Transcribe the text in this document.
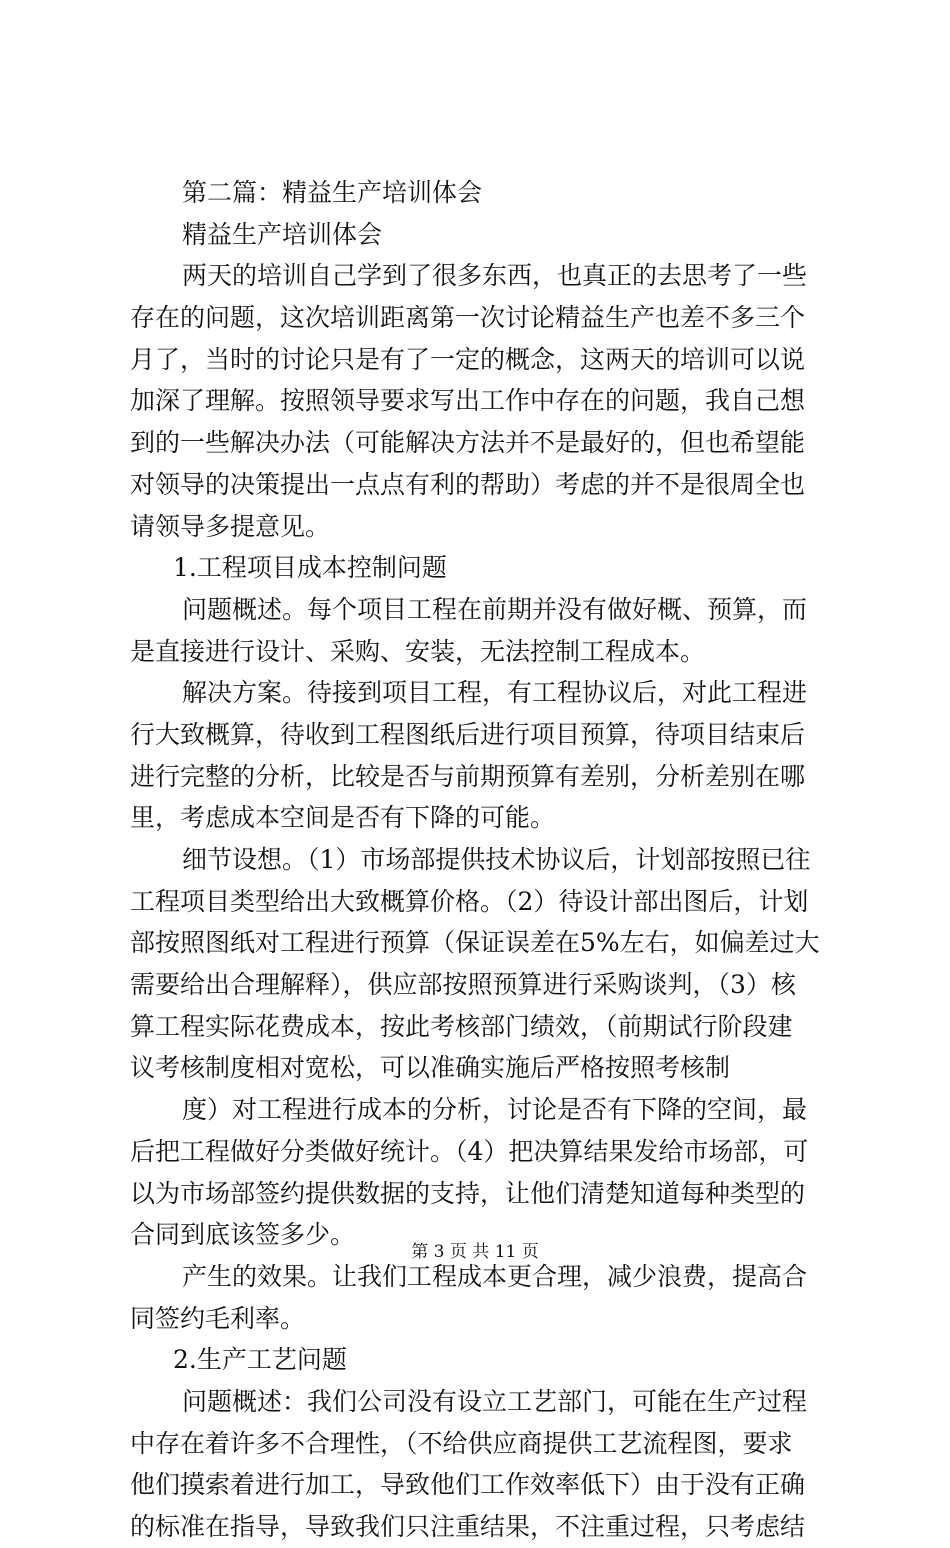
第二篇：精益生产培训体会
精益生产培训体会
两天的培训自己学到了很多东西，也真正的去思考了一些
存在的问题，这次培训距离第一次讨论精益生产也差不多三个
月了，当时的讨论只是有了一定的概念，这两天的培训可以说
加深了理解。按照领导要求写出工作中存在的问题，我自己想
到的一些解决办法（可能解决方法并不是最好的，但也希望能
对领导的决策提出一点点有利的帮助）考虑的并不是很周全也
请领导多提意见。
1.工程项目成本控制问题
问题概述。每个项目工程在前期并没有做好概、预算，而
是直接进行设计、采购、安装，无法控制工程成本。
解决方案。待接到项目工程，有工程协议后，对此工程进
行大致概算，待收到工程图纸后进行项目预算，待项目结束后
进行完整的分析，比较是否与前期预算有差别，分析差别在哪
里，考虑成本空间是否有下降的可能。
细节设想。（1）市场部提供技术协议后，计划部按照已往
工程项目类型给出大致概算价格。（2）待设计部出图后，计划
部按照图纸对工程进行预算（保证误差在5%左右，如偏差过大
需要给出合理解释），供应部按照预算进行采购谈判，（3）核
算工程实际花费成本，按此考核部门绩效，（前期试行阶段建
议考核制度相对宽松，可以准确实施后严格按照考核制
度）对工程进行成本的分析，讨论是否有下降的空间，最
后把工程做好分类做好统计。（4）把决算结果发给市场部，可
以为市场部签约提供数据的支持，让他们清楚知道每种类型的
合同到底该签多少。
产生的效果。让我们工程成本更合理，减少浪费，提高合
同签约毛利率。
2.生产工艺问题
问题概述：我们公司没有设立工艺部门，可能在生产过程
中存在着许多不合理性，（不给供应商提供工艺流程图，要求
他们摸索着进行加工，导致他们工作效率低下）由于没有正确
的标准在指导，导致我们只注重结果，不注重过程，只考虑结
第 3 页 共 11 页
